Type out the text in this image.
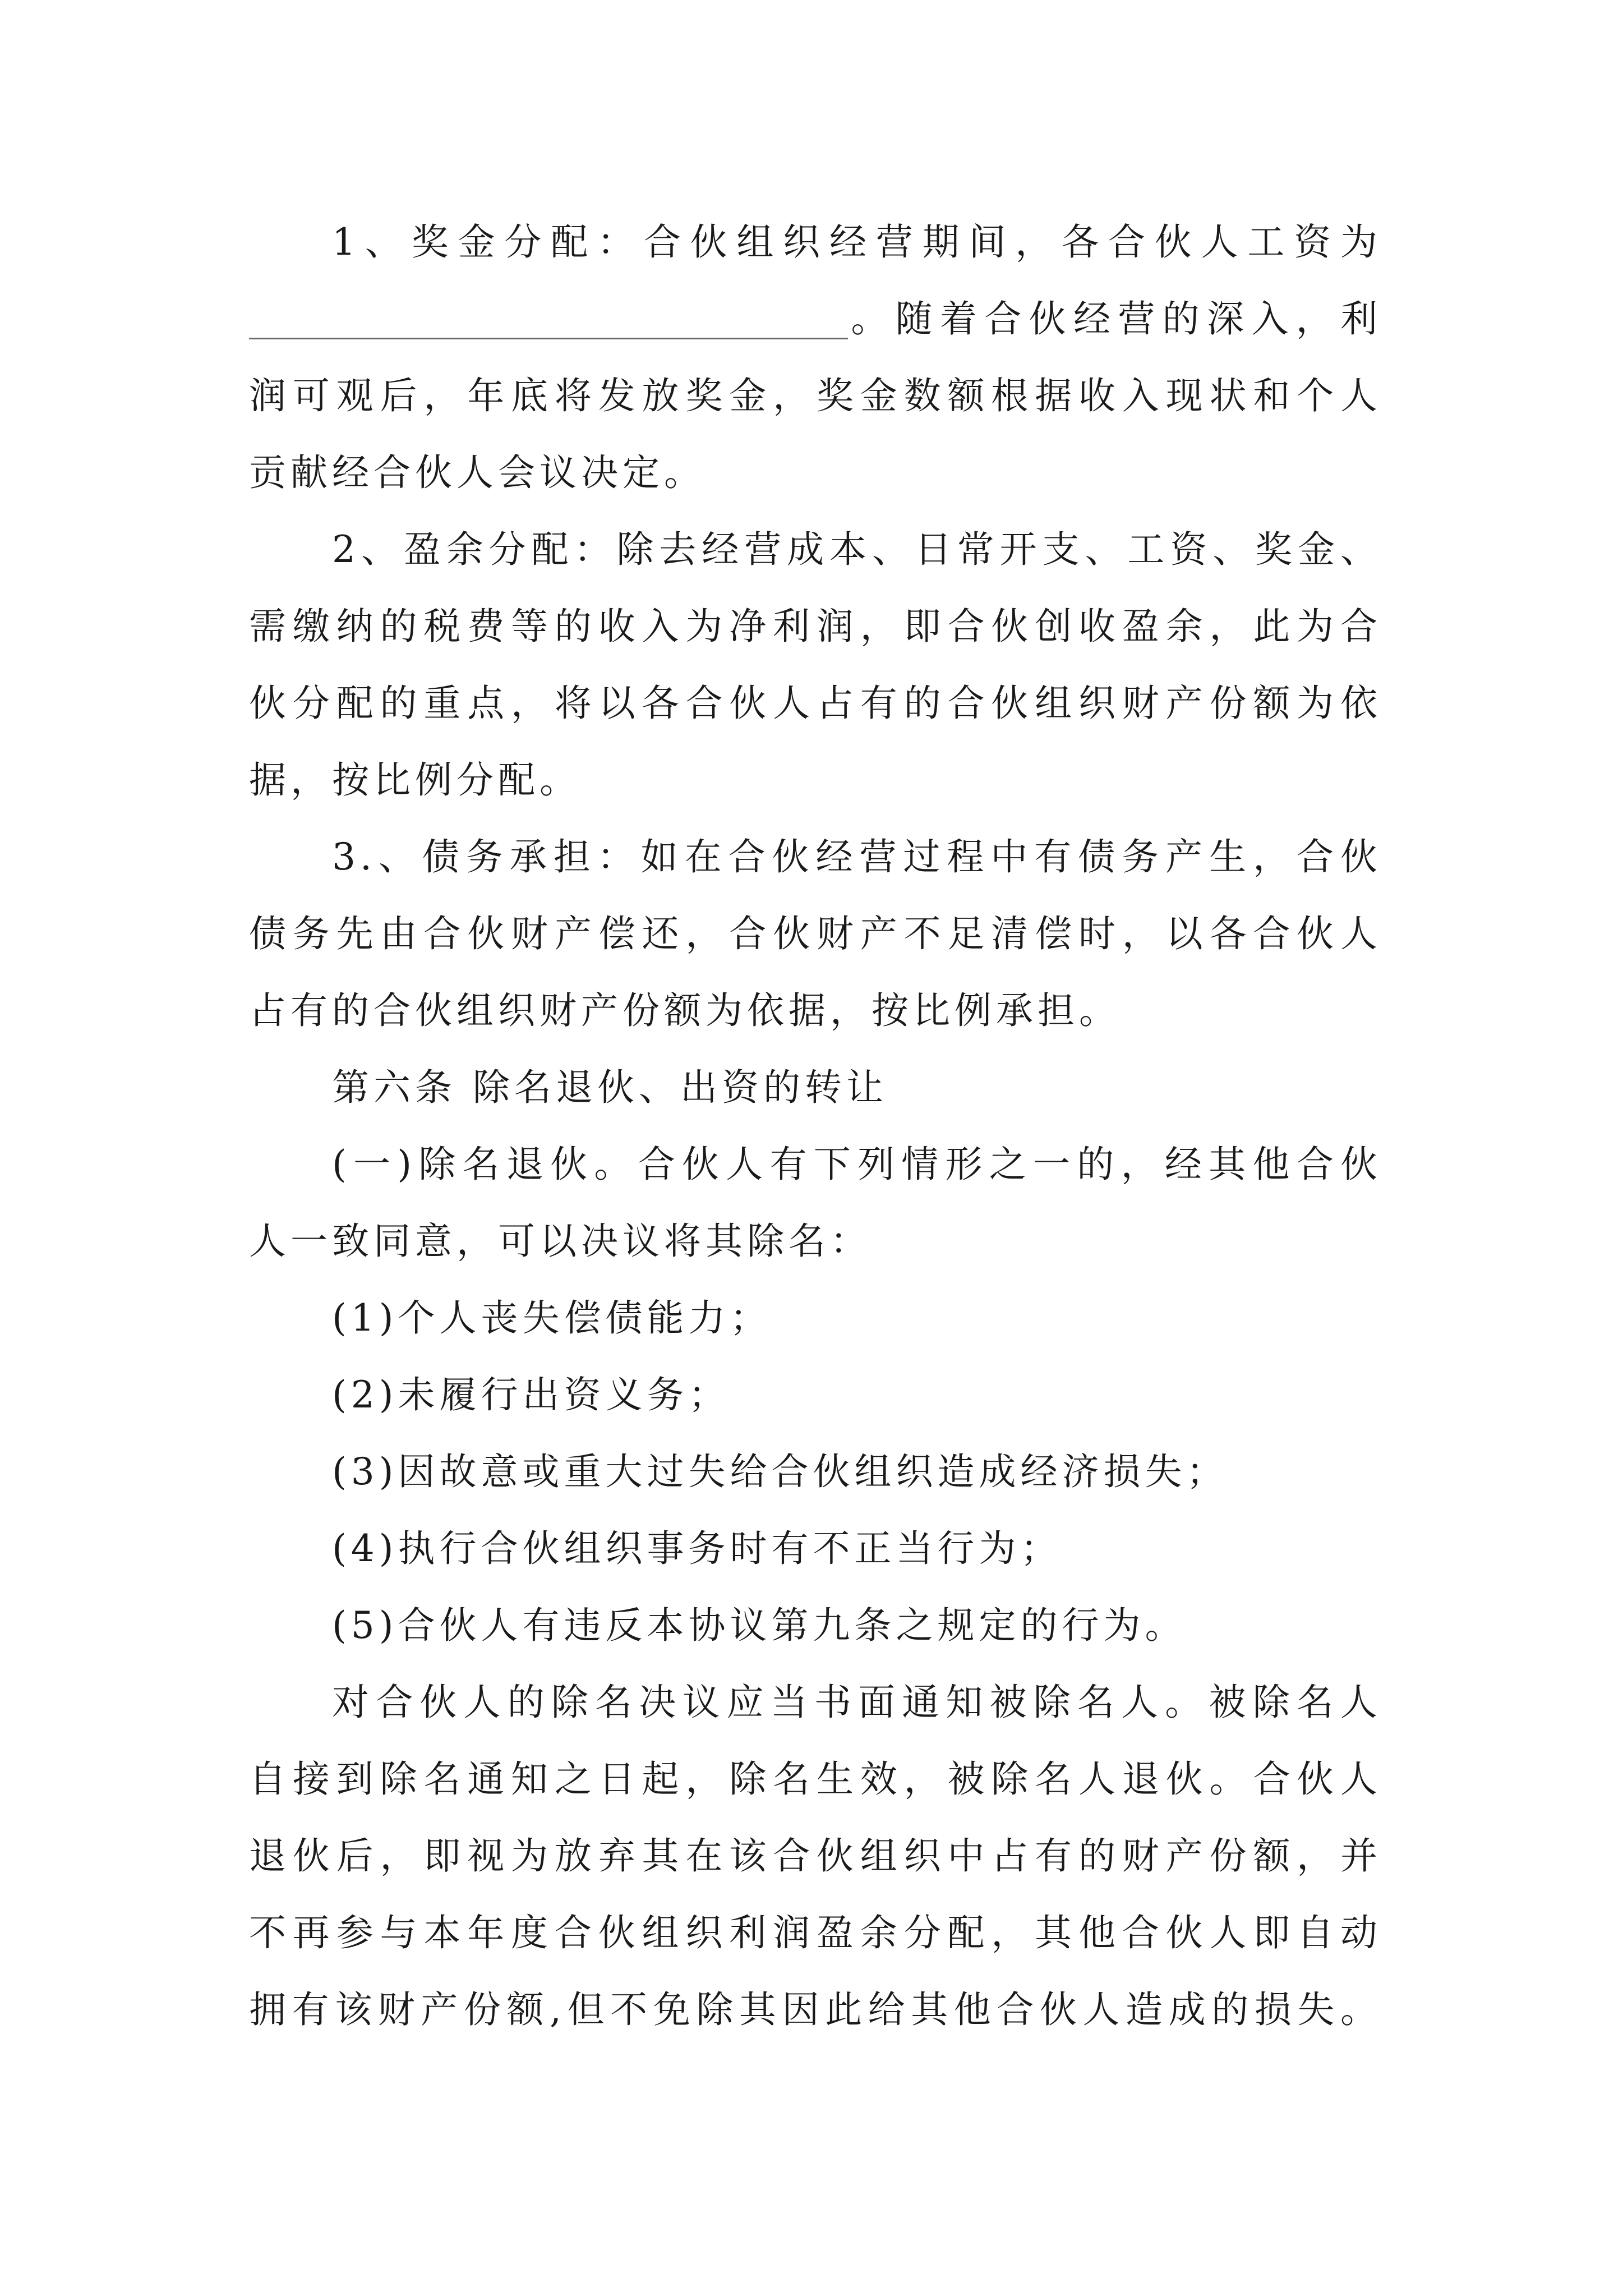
1、奖金分配：合伙组织经营期间，各合伙人工资为
。随着合伙经营的深入，利
润可观后，年底将发放奖金，奖金数额根据收入现状和个人
贡献经合伙人会议决定。
2、盈余分配：除去经营成本、日常开支、工资、奖金、
需缴纳的税费等的收入为净利润，即合伙创收盈余，此为合
伙分配的重点，将以各合伙人占有的合伙组织财产份额为依
据，按比例分配。
3.、债务承担：如在合伙经营过程中有债务产生，合伙
债务先由合伙财产偿还，合伙财产不足清偿时，以各合伙人
占有的合伙组织财产份额为依据，按比例承担。
第六条 除名退伙、出资的转让
(一)除名退伙。合伙人有下列情形之一的，经其他合伙
人一致同意，可以决议将其除名：
(1)个人丧失偿债能力；
(2)未履行出资义务；
(3)因故意或重大过失给合伙组织造成经济损失；
(4)执行合伙组织事务时有不正当行为；
(5)合伙人有违反本协议第九条之规定的行为。
对合伙人的除名决议应当书面通知被除名人。被除名人
自接到除名通知之日起，除名生效，被除名人退伙。合伙人
退伙后，即视为放弃其在该合伙组织中占有的财产份额，并
不再参与本年度合伙组织利润盈余分配，其他合伙人即自动
拥有该财产份额,但不免除其因此给其他合伙人造成的损失。
